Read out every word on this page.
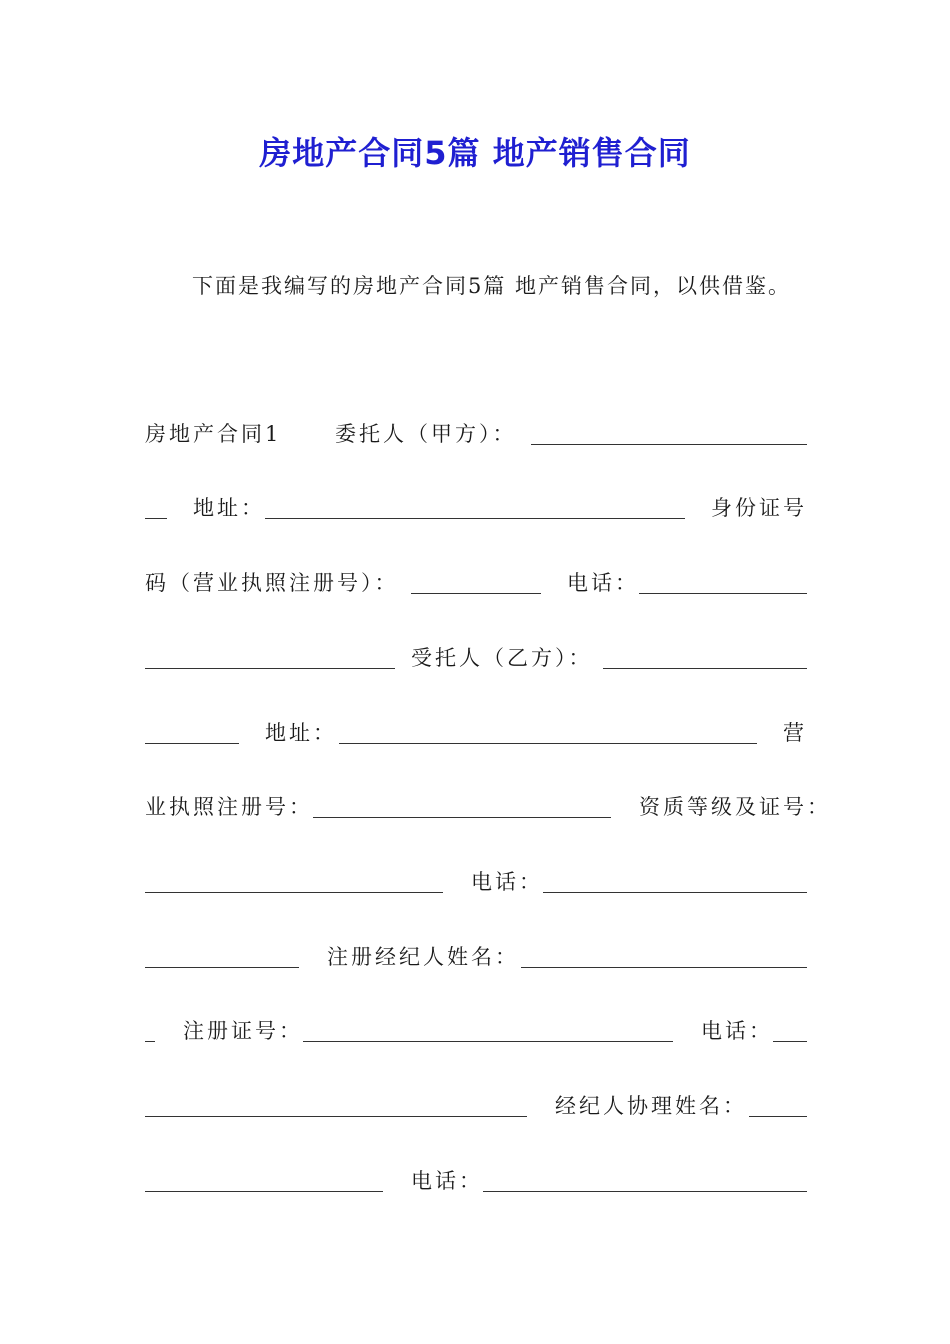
房地产合同5篇 地产销售合同
下面是我编写的房地产合同5篇 地产销售合同，以供借鉴。
房地产合同1	委托人（甲方）：
地址：	身份证号
码（营业执照注册号）：	电话：
受托人（乙方）：
地址：	营
业执照注册号：	资质等级及证号：
电话：
注册经纪人姓名：
注册证号：	电话：
经纪人协理姓名：
电话：
